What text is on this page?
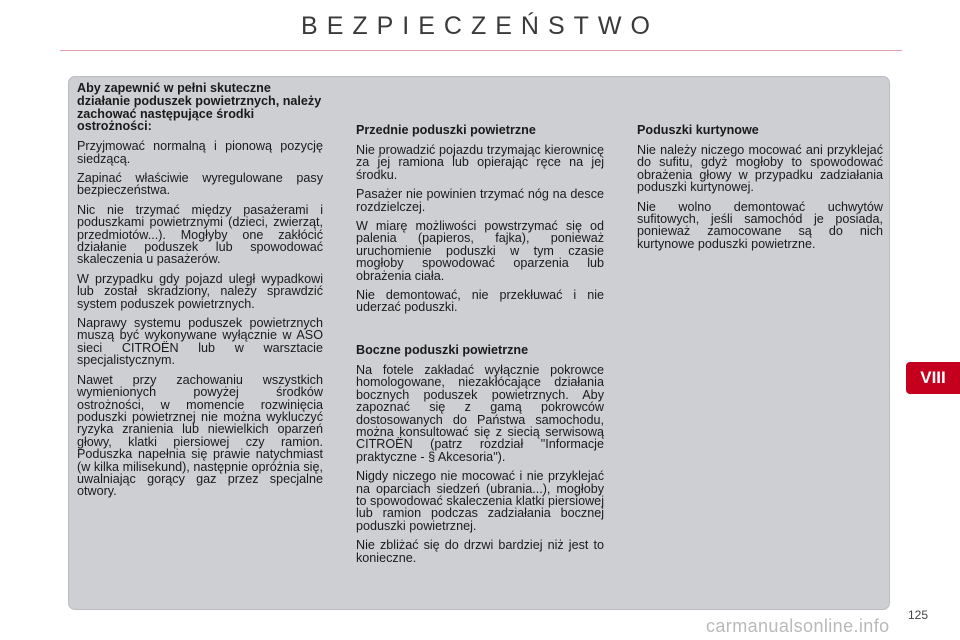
BEZPIECZEŃSTWO

Aby zapewnić w pełni skuteczne działanie poduszek powietrznych, należy zachować następujące środki ostrożności:

Przyjmować normalną i pionową pozycję siedzącą.

Zapinać właściwie wyregulowane pasy bezpieczeństwa.

Nic nie trzymać między pasażerami i poduszkami powietrznymi (dzieci, zwierząt, przedmiotów...). Mogłyby one zakłócić działanie poduszek lub spowodować skaleczenia u pasażerów.

W przypadku gdy pojazd uległ wypadkowi lub został skradziony, należy sprawdzić system poduszek powietrznych.

Naprawy systemu poduszek powietrznych muszą być wykonywane wyłącznie w ASO sieci CITROËN lub w warsztacie specjalistycznym.

Nawet przy zachowaniu wszystkich wymienionych powyżej środków ostrożności, w momencie rozwinięcia poduszki powietrznej nie można wykluczyć ryzyka zranienia lub niewielkich oparzeń głowy, klatki piersiowej czy ramion. Poduszka napełnia się prawie natychmiast (w kilka milisekund), następnie opróżnia się, uwalniając gorący gaz przez specjalne otwory.

Przednie poduszki powietrzne

Nie prowadzić pojazdu trzymając kierownicę za jej ramiona lub opierając ręce na jej środku.

Pasażer nie powinien trzymać nóg na desce rozdzielczej.

W miarę możliwości powstrzymać się od palenia (papieros, fajka), ponieważ uruchomienie poduszki w tym czasie mogłoby spowodować oparzenia lub obrażenia ciała.

Nie demontować, nie przekłuwać i nie uderzać poduszki.

Boczne poduszki powietrzne

Na fotele zakładać wyłącznie pokrowce homologowane, niezakłócające działania bocznych poduszek powietrznych. Aby zapoznać się z gamą pokrowców dostosowanych do Państwa samochodu, można konsultować się z siecią serwisową CITROËN (patrz rozdział "Informacje praktyczne - § Akcesoria").

Nigdy niczego nie mocować i nie przyklejać na oparciach siedzeń (ubrania...), mogłoby to spowodować skaleczenia klatki piersiowej lub ramion podczas zadziałania bocznej poduszki powietrznej.

Nie zbliżać się do drzwi bardziej niż jest to konieczne.

Poduszki kurtynowe

Nie należy niczego mocować ani przyklejać do sufitu, gdyż mogłoby to spowodować obrażenia głowy w przypadku zadziałania poduszki kurtynowej.

Nie wolno demontować uchwytów sufitowych, jeśli samochód je posiada, ponieważ zamocowane są do nich kurtynowe poduszki powietrzne.

VIII
125
carmanualsonline.info
